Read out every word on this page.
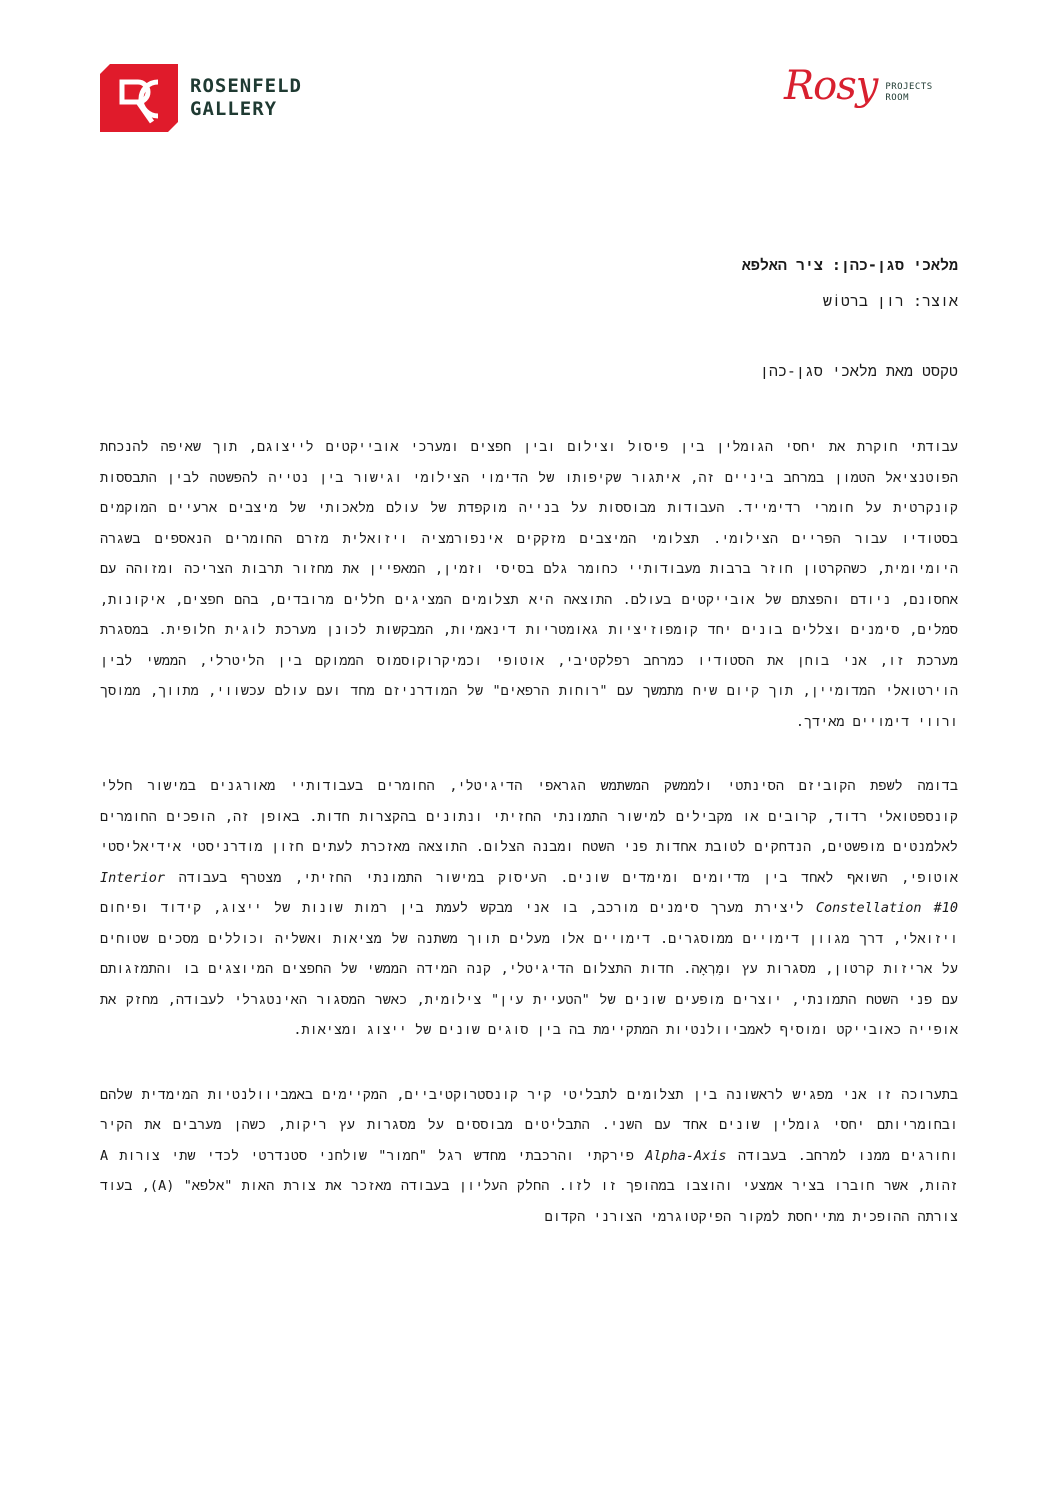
ROSENFELD
GALLERY	Rosy PROJECTS
ROOM

מלאכי סגן-כהן: ציר האלפא

אוצר: רון ברטוֹש

טקסט מאת מלאכי סגן-כהן

עבודתי חוקרת את יחסי הגומלין בין פיסול וצילום ובין חפצים ומערכי אובייקטים לייצוגם, תוך שאיפה להנכחת הפוטנציאל הטמון במרחב ביניים זה, איתגור שקיפותו של הדימוי הצילומי וגישור בין נטייה להפשטה לבין התבססות קונקרטית על חומרי רדימייד. העבודות מבוססות על בנייה מוקפדת של עולם מלאכותי של מיצבים ארעיים המוקמים בסטודיו עבור הפריים הצילומי. תצלומי המיצבים מזקקים אינפורמציה ויזואלית מזרם החומרים הנאספים בשגרה היומיומית, כשהקרטון חוזר ברבות מעבודותיי כחומר גלם בסיסי וזמין, המאפיין את מחזור תרבות הצריכה ומזוהה עם אחסונם, ניודם והפצתם של אובייקטים בעולם. התוצאה היא תצלומים המציגים חללים מרובדים, בהם חפצים, איקונות, סמלים, סימנים וצללים בונים יחד קומפוזיציות גאומטריות דינאמיות, המבקשות לכונן מערכת לוגית חלופית. במסגרת מערכת זו, אני בוחן את הסטודיו כמרחב רפלקטיבי, אוטופי וכמיקרוקוסמוס הממוקם בין הליטרלי, הממשי לבין הוירטואלי המדומיין, תוך קיום שיח מתמשך עם "רוחות הרפאים" של המודרניזם מחד ועם עולם עכשווי, מתווך, ממוסך ורווי דימויים מאידך.

בדומה לשפת הקוביזם הסינתטי ולממשק המשתמש הגראפי הדיגיטלי, החומרים בעבודותיי מאורגנים במישור חללי קונספטואלי רדוד, קרובים או מקבילים למישור התמונתי החזיתי ונתונים בהקצרות חדות. באופן זה, הופכים החומרים לאלמנטים מופשטים, הנדחקים לטובת אחדות פני השטח ומבנה הצלום. התוצאה מאזכרת לעתים חזון מודרניסטי אידיאליסטי אוטופי, השואף לאחד בין מדיומים ומימדים שונים. העיסוק במישור התמונתי החזיתי, מצטרף בעבודה Interior Constellation #10 ליצירת מערך סימנים מורכב, בו אני מבקש לעמת בין רמות שונות של ייצוג, קידוד ופיחום ויזואלי, דרך מגוון דימויים ממוסגרים. דימויים אלו מעלים תווך משתנה של מציאות ואשליה וכוללים מסכים שטוחים על אריזות קרטון, מסגרות עץ ומַרְאָה. חדות התצלום הדיגיטלי, קנה המידה הממשי של החפצים המיוצגים בו והתמזגותם עם פני השטח התמונתי, יוצרים מופעים שונים של "הטעיית עין" צילומית, כאשר המסגור האינטגרלי לעבודה, מחזק את אופייה כאובייקט ומוסיף לאמביוולנטיות המתקיימת בה בין סוגים שונים של ייצוג ומציאות.

בתערוכה זו אני מפגיש לראשונה בין תצלומים לתבליטי קיר קונסטרוקטיביים, המקיימים באמביוולנטיות המימדית שלהם ובחומריותם יחסי גומלין שונים אחד עם השני. התבליטים מבוססים על מסגרות עץ ריקות, כשהן מערבים את הקיר וחורגים ממנו למרחב. בעבודה Alpha-Axis פירקתי והרכבתי מחדש רגל "חמור" שולחני סטנדרטי לכדי שתי צורות A זהות, אשר חוברו בציר אמצעי והוצבו במהופך זו לזו. החלק העליון בעבודה מאזכר את צורת האות "אלפא" (A), בעוד צורתה ההופכית מתייחסת למקור הפיקטוגרמי הצורני הקדום
